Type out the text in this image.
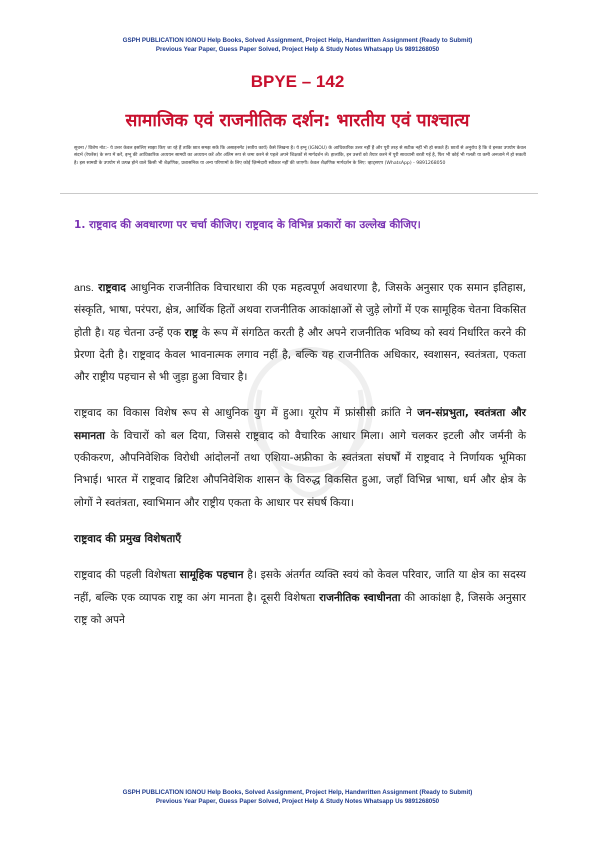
GSPH PUBLICATION IGNOU Help Books, Solved Assignment, Project Help, Handwritten Assignment (Ready to Submit)
Previous Year Paper, Guess Paper Solved, Project Help & Study Notes Whatsapp Us 9891268050
BPYE – 142
सामाजिक एवं राजनीतिक दर्शन: भारतीय एवं पाश्चात्य
सूचना / विशेष नोट:- ये उत्तर केवल इसलिए साझा किए जा रहे हैं ताकि छात्र समझ सकें कि असाइनमेंट (सत्रीय कार्य) कैसे लिखना है। ये इग्नू (IGNOU) के आधिकारिक उत्तर नहीं हैं और पूरी तरह से सटीक नहीं भी हो सकते हैं। छात्रों से अनुरोध है कि वे इनका उपयोग केवल संदर्भ (रेफरेंस) के रूप में करें, इग्नू की आधिकारिक अध्ययन सामग्री का अध्ययन करें और अंतिम रूप से जमा करने से पहले अपने शिक्षकों से मार्गदर्शन लें। हालांकि, इन उत्तरों को तैयार करने में पूरी सावधानी बरती गई है, फिर भी कोई भी गलती या कमी अनजाने में हो सकती है। इस सामग्री के उपयोग से उत्पन्न होने वाले किसी भी शैक्षणिक, प्रशासनिक या अन्य परिणामों के लिए कोई ज़िम्मेदारी स्वीकार नहीं की जाएगी। केवल शैक्षणिक मार्गदर्शन के लिए: व्हाट्सएप (WhatsApp) - 9891268050
1. राष्ट्रवाद की अवधारणा पर चर्चा कीजिए। राष्ट्रवाद के विभिन्न प्रकारों का उल्लेख कीजिए।

ans. राष्ट्रवाद आधुनिक राजनीतिक विचारधारा की एक महत्वपूर्ण अवधारणा है, जिसके अनुसार एक समान इतिहास, संस्कृति, भाषा, परंपरा, क्षेत्र, आर्थिक हितों अथवा राजनीतिक आकांक्षाओं से जुड़े लोगों में एक सामूहिक चेतना विकसित होती है। यह चेतना उन्हें एक राष्ट्र के रूप में संगठित करती है और अपने राजनीतिक भविष्य को स्वयं निर्धारित करने की प्रेरणा देती है। राष्ट्रवाद केवल भावनात्मक लगाव नहीं है, बल्कि यह राजनीतिक अधिकार, स्वशासन, स्वतंत्रता, एकता और राष्ट्रीय पहचान से भी जुड़ा हुआ विचार है।

राष्ट्रवाद का विकास विशेष रूप से आधुनिक युग में हुआ। यूरोप में फ्रांसीसी क्रांति ने जन-संप्रभुता, स्वतंत्रता और समानता के विचारों को बल दिया, जिससे राष्ट्रवाद को वैचारिक आधार मिला। आगे चलकर इटली और जर्मनी के एकीकरण, औपनिवेशिक विरोधी आंदोलनों तथा एशिया-अफ्रीका के स्वतंत्रता संघर्षों में राष्ट्रवाद ने निर्णायक भूमिका निभाई। भारत में राष्ट्रवाद ब्रिटिश औपनिवेशिक शासन के विरुद्ध विकसित हुआ, जहाँ विभिन्न भाषा, धर्म और क्षेत्र के लोगों ने स्वतंत्रता, स्वाभिमान और राष्ट्रीय एकता के आधार पर संघर्ष किया।

राष्ट्रवाद की प्रमुख विशेषताएँ

राष्ट्रवाद की पहली विशेषता सामूहिक पहचान है। इसके अंतर्गत व्यक्ति स्वयं को केवल परिवार, जाति या क्षेत्र का सदस्य नहीं, बल्कि एक व्यापक राष्ट्र का अंग मानता है। दूसरी विशेषता राजनीतिक स्वाधीनता की आकांक्षा है, जिसके अनुसार राष्ट्र को अपने

GSPH PUBLICATION IGNOU Help Books, Solved Assignment, Project Help, Handwritten Assignment (Ready to Submit)
Previous Year Paper, Guess Paper Solved, Project Help & Study Notes Whatsapp Us 9891268050
